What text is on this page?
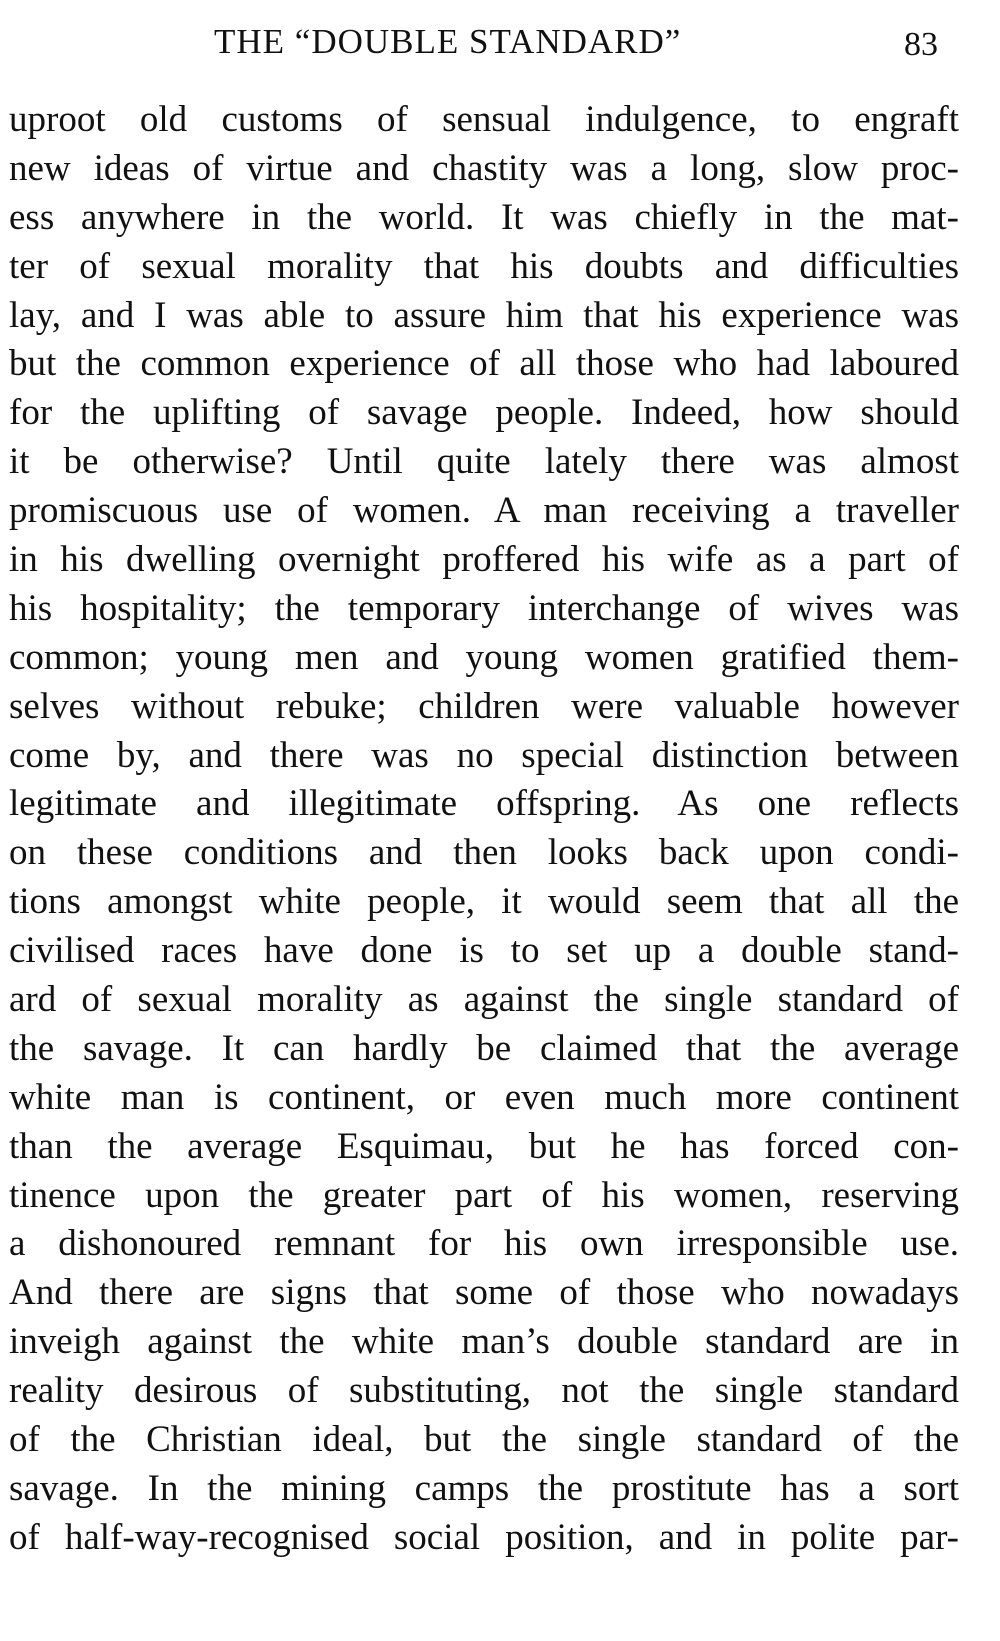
THE “DOUBLE STANDARD”	83
uproot old customs of sensual indulgence, to engraft
new ideas of virtue and chastity was a long, slow proc-
ess anywhere in the world. It was chiefly in the mat-
ter of sexual morality that his doubts and difficulties
lay, and I was able to assure him that his experience was
but the common experience of all those who had laboured
for the uplifting of savage people. Indeed, how should
it be otherwise? Until quite lately there was almost
promiscuous use of women. A man receiving a traveller
in his dwelling overnight proffered his wife as a part of
his hospitality; the temporary interchange of wives was
common; young men and young women gratified them-
selves without rebuke; children were valuable however
come by, and there was no special distinction between
legitimate and illegitimate offspring. As one reflects
on these conditions and then looks back upon condi-
tions amongst white people, it would seem that all the
civilised races have done is to set up a double stand-
ard of sexual morality as against the single standard of
the savage. It can hardly be claimed that the average
white man is continent, or even much more continent
than the average Esquimau, but he has forced con-
tinence upon the greater part of his women, reserving
a dishonoured remnant for his own irresponsible use.
And there are signs that some of those who nowadays
inveigh against the white man’s double standard are in
reality desirous of substituting, not the single standard
of the Christian ideal, but the single standard of the
savage. In the mining camps the prostitute has a sort
of half-way-recognised social position, and in polite par-
